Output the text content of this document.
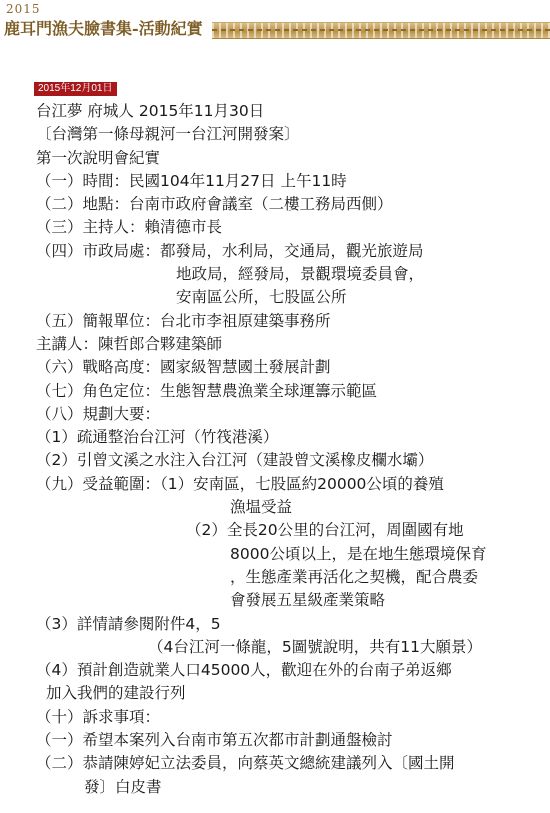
2015
鹿耳門漁夫臉書集-活動紀實
2015年12月01日
台江夢 府城人 2015年11月30日
〔台灣第一條母親河一台江河開發案〕
第一次說明會紀實
（一）時間：民國104年11月27日 上午11時
（二）地點：台南市政府會議室（二樓工務局西側）
（三）主持人：賴清德市長
（四）市政局處：都發局，水利局，交通局，觀光旅遊局
地政局，經發局，景觀環境委員會，
安南區公所，七股區公所
（五）簡報單位：台北市李祖原建築事務所
主講人：陳哲郎合夥建築師
（六）戰略高度：國家級智慧國土發展計劃
（七）角色定位：生態智慧農漁業全球運籌示範區
（八）規劃大要：
（1）疏通整治台江河（竹筏港溪）
（2）引曾文溪之水注入台江河（建設曾文溪橡皮欄水壩）
（九）受益範圍：（1）安南區，七股區約20000公頃的養殖
漁塭受益
（2）全長20公里的台江河，周圍國有地
8000公頃以上，是在地生態環境保育
，生態產業再活化之契機，配合農委
會發展五星級產業策略
（3）詳情請參閱附件4，5
（4台江河一條龍，5圖號說明，共有11大願景）
（4）預計創造就業人口45000人，歡迎在外的台南子弟返鄉
加入我們的建設行列
（十）訴求事項：
（一）希望本案列入台南市第五次都市計劃通盤檢討
（二）恭請陳婷妃立法委員，向蔡英文總統建議列入〔國土開
發〕白皮書
